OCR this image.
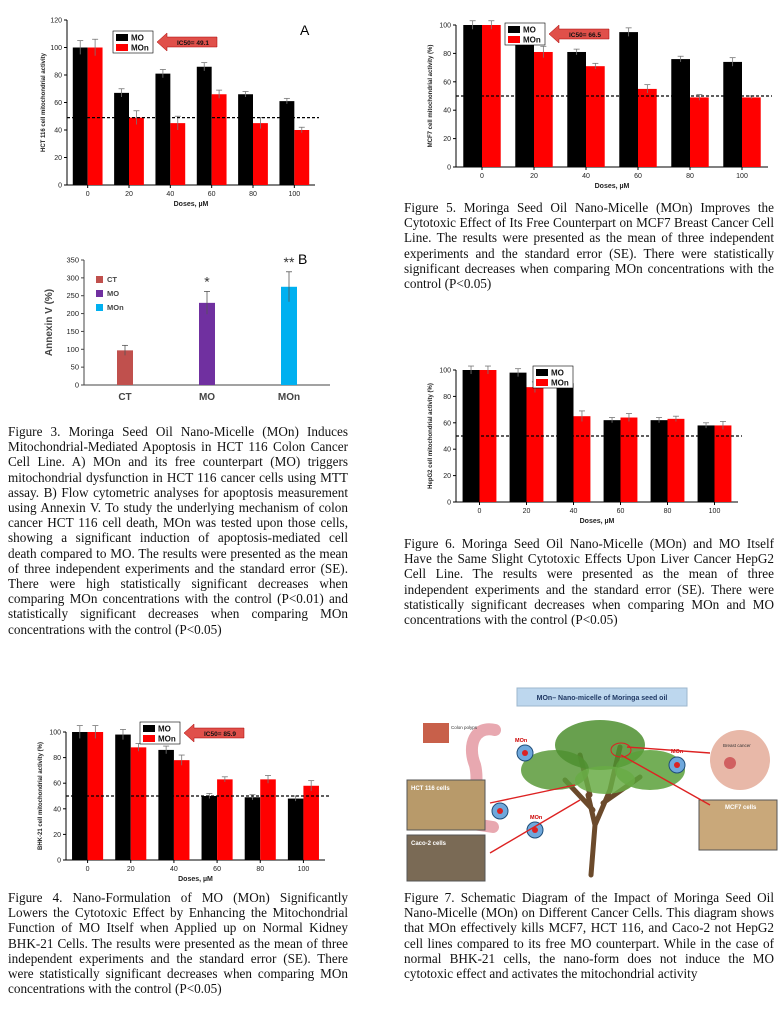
0
20
40
60
80
100
120
0	20	40	60	80	100
Doses, µM
HCT 116 cell mitochondrial activity
MO
MOn	IC50= 49.1
A
0
20
40
60
80
100
0	20	40	60	80	100
Doses, µM
MCF7 cell mitochondrial activity (%)
MO
MOn	IC50= 66.5
0
50
100
150
200
250
300
350
CT
*
MO
**
MOn
Annexin V (%)
CT
MO
MOn
B
0
20
40
60
80
100
0	20	40	60	80	100
Doses, µM
HepG2 cell mitochondrial activity (%)
MO
MOn
0
20
40
60
80
100
0	20	40	60	80	100
Doses, µM
BHK-21 cell mitochondrial activity (%)
MO
MOn	IC50= 85.9
MOn– Nano-micelle of Moringa seed oil
Colon polyps
HCT 116 cells
Caco-2 cells
Breast cancer
MCF7 cells
MOn
MOn
MOn
Figure 3. Moringa Seed Oil Nano-Micelle (MOn) Induces Mitochondrial-Mediated Apoptosis in HCT 116 Colon Cancer Cell Line. A) MOn and its free counterpart (MO) triggers mitochondrial dysfunction in HCT 116 cancer cells using MTT assay. B) Flow cytometric analyses for apoptosis measurement using Annexin V. To study the underlying mechanism of colon cancer HCT 116 cell death, MOn was tested upon those cells, showing a significant induction of apoptosis-mediated cell death compared to MO. The results were presented as the mean of three independent experiments and the standard error (SE). There were high statistically significant decreases when comparing MOn concentrations with the control (P<0.01) and statistically significant decreases when comparing MOn concentrations with the control (P<0.05)
Figure 5. Moringa Seed Oil Nano-Micelle (MOn) Improves the Cytotoxic Effect of Its Free Counterpart on MCF7 Breast Cancer Cell Line. The results were presented as the mean of three independent experiments and the standard error (SE). There were statistically significant decreases when comparing MOn concentrations with the control (P<0.05)
Figure 6. Moringa Seed Oil Nano-Micelle (MOn) and MO Itself Have the Same Slight Cytotoxic Effects Upon Liver Cancer HepG2 Cell Line. The results were presented as the mean of three independent experiments and the standard error (SE). There were statistically significant decreases when comparing MOn and MO concentrations with the control (P<0.05)
Figure 4. Nano-Formulation of MO (MOn) Significantly Lowers the Cytotoxic Effect by Enhancing the Mitochondrial Function of MO Itself when Applied up on Normal Kidney BHK-21 Cells. The results were presented as the mean of three independent experiments and the standard error (SE). There were statistically significant decreases when comparing MOn concentrations with the control (P<0.05)
Figure 7. Schematic Diagram of the Impact of Moringa Seed Oil Nano-Micelle (MOn) on Different Cancer Cells. This diagram shows that MOn effectively kills MCF7, HCT 116, and Caco-2 not HepG2 cell lines compared to its free MO counterpart. While in the case of normal BHK-21 cells, the nano-form does not induce the MO cytotoxic effect and activates the mitochondrial activity
